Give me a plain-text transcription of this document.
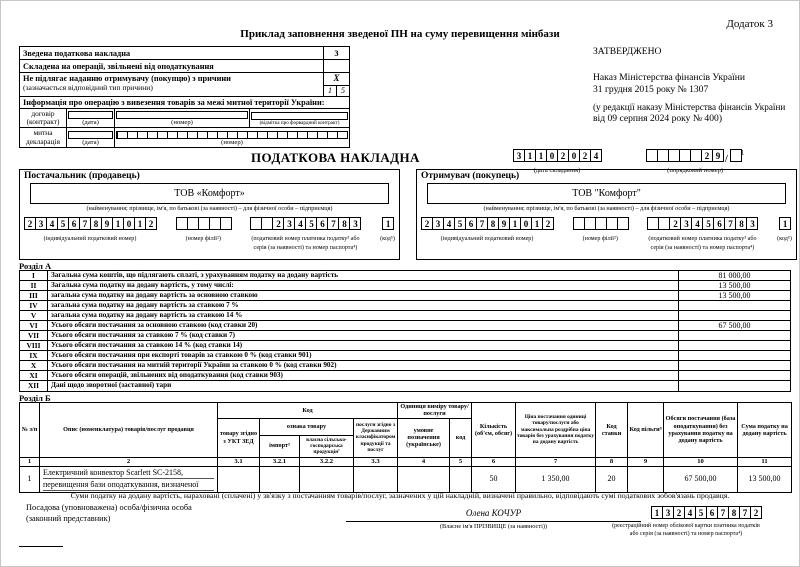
Додаток 3
Приклад заповнення зведеної ПН на суму перевищення мінбази
Зведена податкова накладна	3
Складена на операції, звільнені від оподаткування
Не підлягає наданню отримувачу (покупцю) з причини
(зазначається відповідний тип причини)
X
1	5
Інформація про операцію з вивезення товарів за межі митної території України:
договір
(контракт)	(дата)	(номер)	(відмітка про форвардний контракт)
митна
декларація	(дата)	(номер)
ЗАТВЕРДЖЕНО
Наказ Міністерства фінансів України
31 грудня 2015 року № 1307
(у редакції наказу Міністерства фінансів України
від 09 серпня 2024 року № 400)
ПОДАТКОВА НАКЛАДНА	3 1 1 0 2 0 2 4
(дата складання)
2 9 /$^1$
(порядковий номер)
Постачальник (продавець)
ТОВ «Комфорт»
(найменування; прізвище, ім'я, по батькові (за наявності) – для фізичної особи – підприємця)
2 3 4 5 6 7 8 9 1 0 1 2
(індивідуальний податковий номер)	(номер філії²)
2 3 4 5 6 7 8 3
(податковий номер платника податку³ або
серія (за наявності) та номер паспорта⁴)
1
(код⁵)
Отримувач (покупець)
ТОВ "Комфорт"
(найменування; прізвище, ім'я, по батькові (за наявності) – для фізичної особи – підприємця)
2 3 4 5 6 7 8 9 1 0 1 2
(індивідуальний податковий номер)	(номер філії²)
2 3 4 5 6 7 8 3
(податковий номер платника податку³ або
серія (за наявності) та номер паспорта⁴)
1
(код⁵)
Розділ А
I	Загальна сума коштів, що підлягають сплаті, з урахуванням податку на додану вартість	81 000,00
II	Загальна сума податку на додану вартість, у тому числі:	13 500,00
III	загальна сума податку на додану вартість за основною ставкою	13 500,00
IV	загальна сума податку на додану вартість за ставкою 7 %
V	загальна сума податку на додану вартість за ставкою 14 %
VI	Усього обсяги постачання за основною ставкою (код ставки 20)	67 500,00
VII	Усього обсяги постачання за ставкою 7 % (код ставки 7)
VIII	Усього обсяги постачання за ставкою 14 % (код ставки 14)
IX	Усього обсяги постачання при експорті товарів за ставкою 0 % (код ставки 901)
X	Усього обсяги постачання на митній території України за ставкою 0 % (код ставки 902)
XI	Усього обсяги операцій, звільнених від оподаткування (код ставки 903)
XII	Дані щодо зворотної (заставної) тари
Розділ Б
№ з/п	Опис (номенклатура) товарів/послуг продавця	Код				Одиниця виміру товару/послуги		Кількість (об'єм, обсяг)	Ціна постачання одиниці товару/послуги або максимальна роздрібна ціна товарів без урахування податку на додану вартість	Код ставки	Код пільги⁹	Обсяги постачання (база оподаткування) без урахування податку на додану вартість	Сума податку на додану вартість
		товару згідно з УКТ ЗЕД	ознака товару		послуги згідно з Державним класифікатором продукції та послуг	умовне позначення (українське)	код						
			імпорт⁵	власна сільсько-господарська продукція⁷									
1	2	3.1	3.2.1	3.2.2	3.3	4	5	6	7	8	9	10	11
1	Електричний конвектор Scarlett SC-2158,
перевищення бази оподаткування, визначеної							50	1 350,00	20		67 500,00	13 500,00
Суми податку на додану вартість, нараховані (сплачені) у зв'язку з постачанням товарів/послуг, зазначених у цій накладній, визначені правильно, відповідають сумі податкових зобов'язань продавця.
Посадова (уповноважена) особа/фізична особа
(законний представник)
Олена КОЧУР
(Власне ім'я ПРІЗВИЩЕ (за наявності))
1 3 2 4 5 6 7 8 7 2
(реєстраційний номер облікової картки платника податків
або серія (за наявності) та номер паспорта⁴)
